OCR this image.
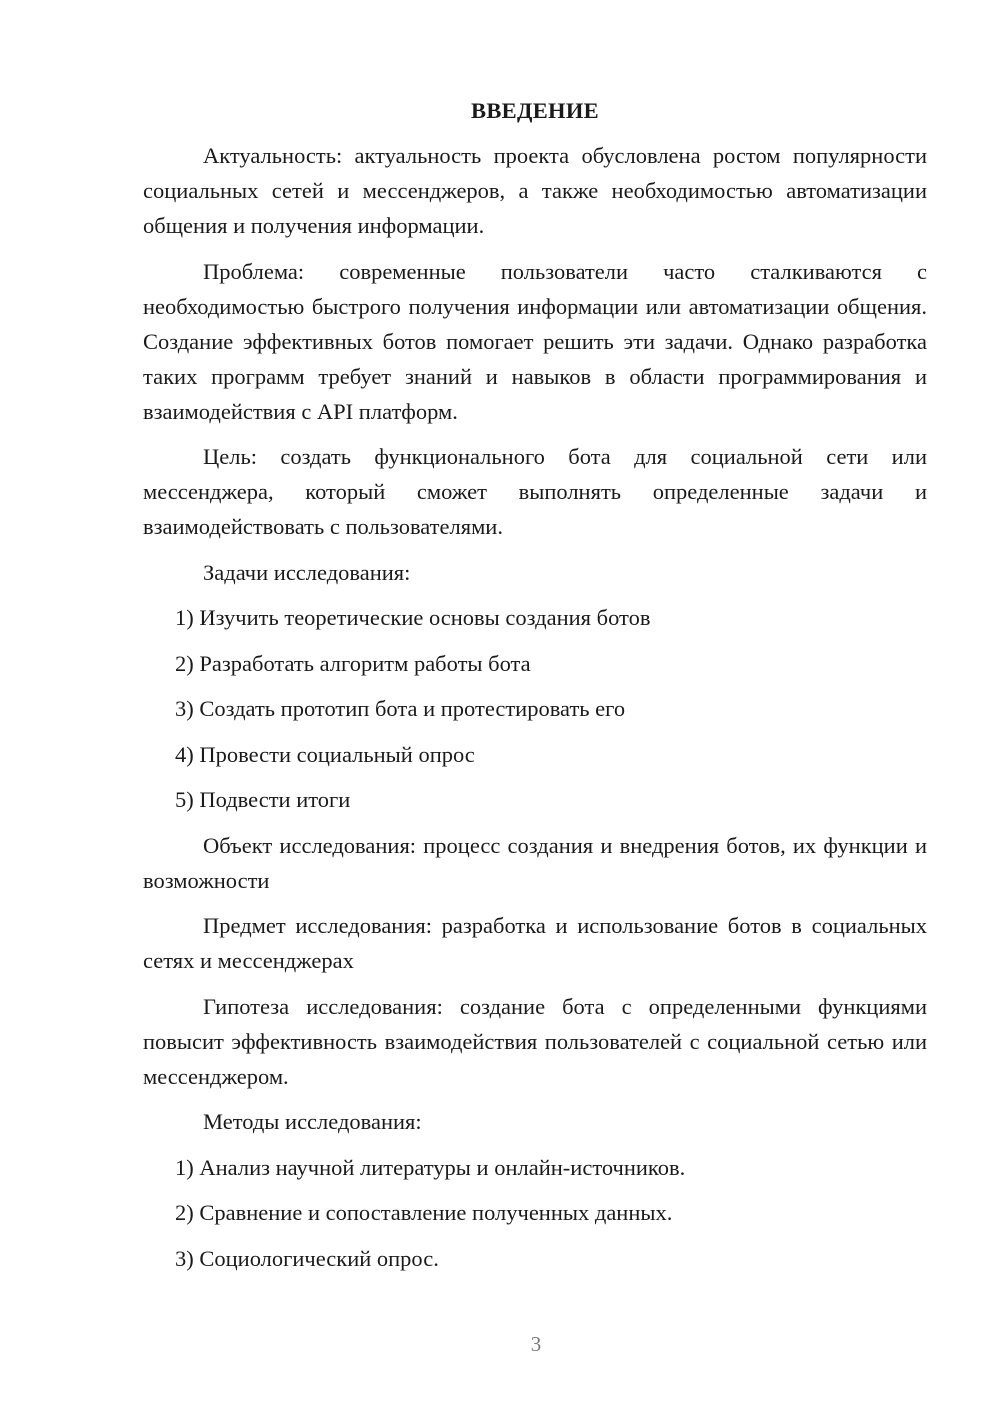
ВВЕДЕНИЕ

Актуальность: актуальность проекта обусловлена ростом популярности социальных сетей и мессенджеров, а также необходимостью автоматизации общения и получения информации.

Проблема: современные пользователи часто сталкиваются с необходимостью быстрого получения информации или автоматизации общения. Создание эффективных ботов помогает решить эти задачи. Однако разработка таких программ требует знаний и навыков в области программирования и взаимодействия с API платформ.

Цель: создать функционального бота для социальной сети или мессенджера, который сможет выполнять определенные задачи и взаимодействовать с пользователями.

Задачи исследования:

1) Изучить теоретические основы создания ботов
2) Разработать алгоритм работы бота
3) Создать прототип бота и протестировать его
4) Провести социальный опрос
5) Подвести итоги

Объект исследования: процесс создания и внедрения ботов, их функции и возможности

Предмет исследования: разработка и использование ботов в социальных сетях и мессенджерах

Гипотеза исследования: создание бота с определенными функциями повысит эффективность взаимодействия пользователей с социальной сетью или мессенджером.

Методы исследования:

1) Анализ научной литературы и онлайн-источников.
2) Сравнение и сопоставление полученных данных.
3) Социологический опрос.
3
